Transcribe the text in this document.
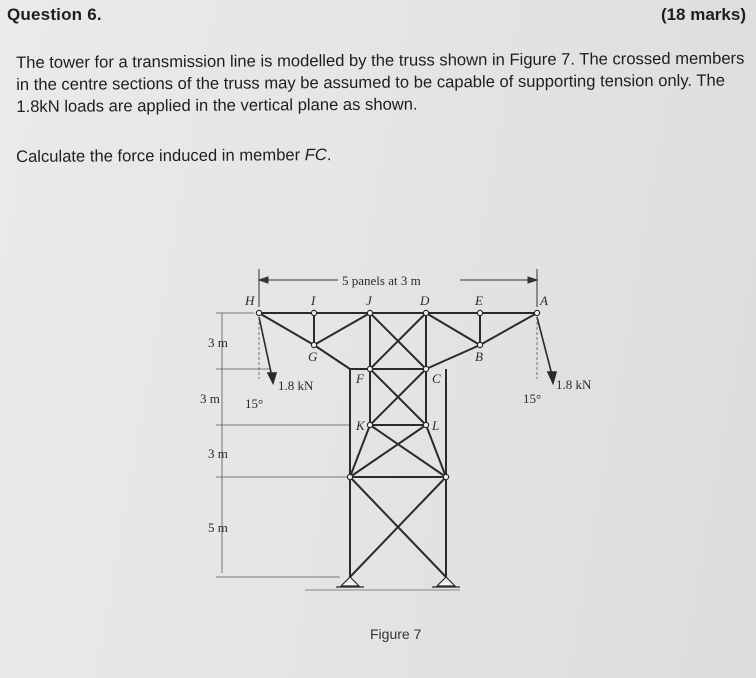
Question 6.	(18 marks)
The tower for a transmission line is modelled by the truss shown in Figure 7. The crossed members in the centre sections of the truss may be assumed to be capable of supporting tension only. The 1.8kN loads are applied in the vertical plane as shown.
Calculate the force induced in member FC.
5 panels at 3 m
3 m
3 m
3 m
5 m
1.8 kN	1.8 kN
15°	15°
H	I	J	D	E	A
G	B
F	C
K	L
Figure 7
